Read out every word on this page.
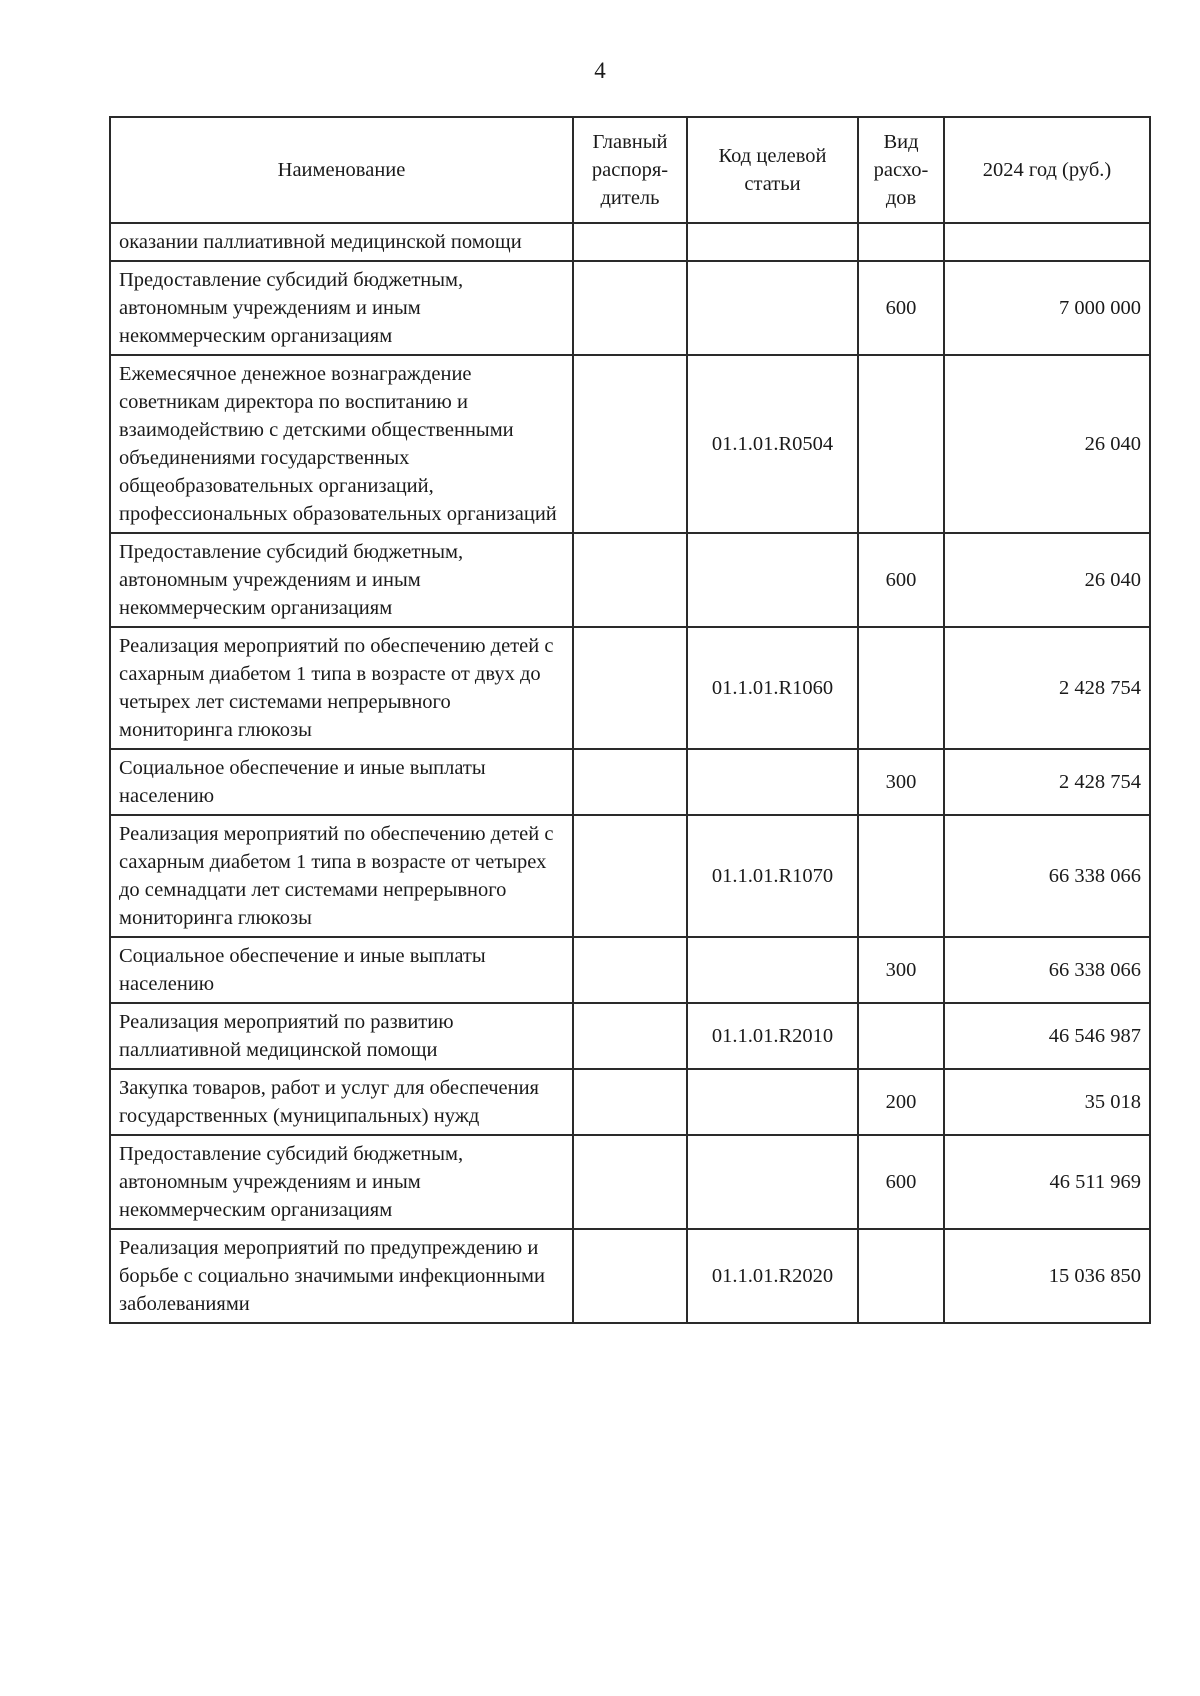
4
Наименование	Главный распоря-дитель	Код целевой статьи	Вид расхо-дов	2024 год (руб.)
оказании паллиативной медицинской помощи				
Предоставление субсидий бюджетным, автономным учреждениям и иным некоммерческим организациям			600	7 000 000
Ежемесячное денежное вознаграждение советникам директора по воспитанию и взаимодействию с детскими общественными объединениями государственных общеобразовательных организаций, профессиональных образовательных организаций		01.1.01.R0504		26 040
Предоставление субсидий бюджетным, автономным учреждениям и иным некоммерческим организациям			600	26 040
Реализация мероприятий по обеспечению детей с сахарным диабетом 1 типа в возрасте от двух до четырех лет системами непрерывного мониторинга глюкозы		01.1.01.R1060		2 428 754
Социальное обеспечение и иные выплаты населению			300	2 428 754
Реализация мероприятий по обеспечению детей с сахарным диабетом 1 типа в возрасте от четырех до семнадцати лет системами непрерывного мониторинга глюкозы		01.1.01.R1070		66 338 066
Социальное обеспечение и иные выплаты населению			300	66 338 066
Реализация мероприятий по развитию паллиативной медицинской помощи		01.1.01.R2010		46 546 987
Закупка товаров, работ и услуг для обеспечения государственных (муниципальных) нужд			200	35 018
Предоставление субсидий бюджетным, автономным учреждениям и иным некоммерческим организациям			600	46 511 969
Реализация мероприятий по предупреждению и борьбе с социально значимыми инфекционными заболеваниями		01.1.01.R2020		15 036 850
